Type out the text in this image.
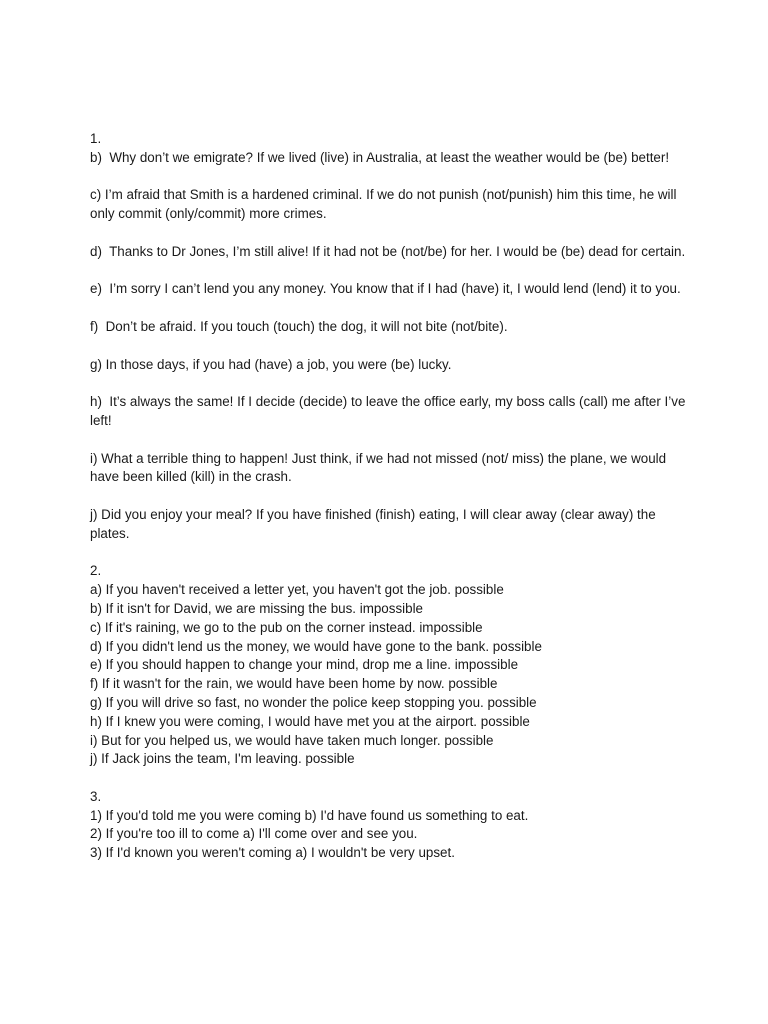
1.

b)  Why don’t we emigrate? If we lived (live) in Australia, at least the weather would be (be) better!

c) I’m afraid that Smith is a hardened criminal. If we do not punish (not/punish) him this time, he will only commit (only/commit) more crimes.

d)  Thanks to Dr Jones, I’m still alive! If it had not be (not/be) for her. I would be (be) dead for certain.

e)  I’m sorry I can’t lend you any money. You know that if I had (have) it, I would lend (lend) it to you.

f)  Don’t be afraid. If you touch (touch) the dog, it will not bite (not/bite).

g) In those days, if you had (have) a job, you were (be) lucky.

h)  It’s always the same! If I decide (decide) to leave the office early, my boss calls (call) me after I’ve left!

i) What a terrible thing to happen! Just think, if we had not missed (not/ miss) the plane, we would have been killed (kill) in the crash.

j) Did you enjoy your meal? If you have finished (finish) eating, I will clear away (clear away) the plates.

2.

a) If you haven't received a letter yet, you haven't got the job. possible

b) If it isn't for David, we are missing the bus. impossible

c) If it's raining, we go to the pub on the corner instead. impossible

d) If you didn't lend us the money, we would have gone to the bank. possible

e) If you should happen to change your mind, drop me a line. impossible

f) If it wasn't for the rain, we would have been home by now. possible

g) If you will drive so fast, no wonder the police keep stopping you. possible

h) If I knew you were coming, I would have met you at the airport. possible

i) But for you helped us, we would have taken much longer. possible

j) If Jack joins the team, I'm leaving. possible

3.

1) If you'd told me you were coming b) I'd have found us something to eat.

2) If you're too ill to come a) I'll come over and see you.

3) If I'd known you weren't coming a) I wouldn't be very upset.
